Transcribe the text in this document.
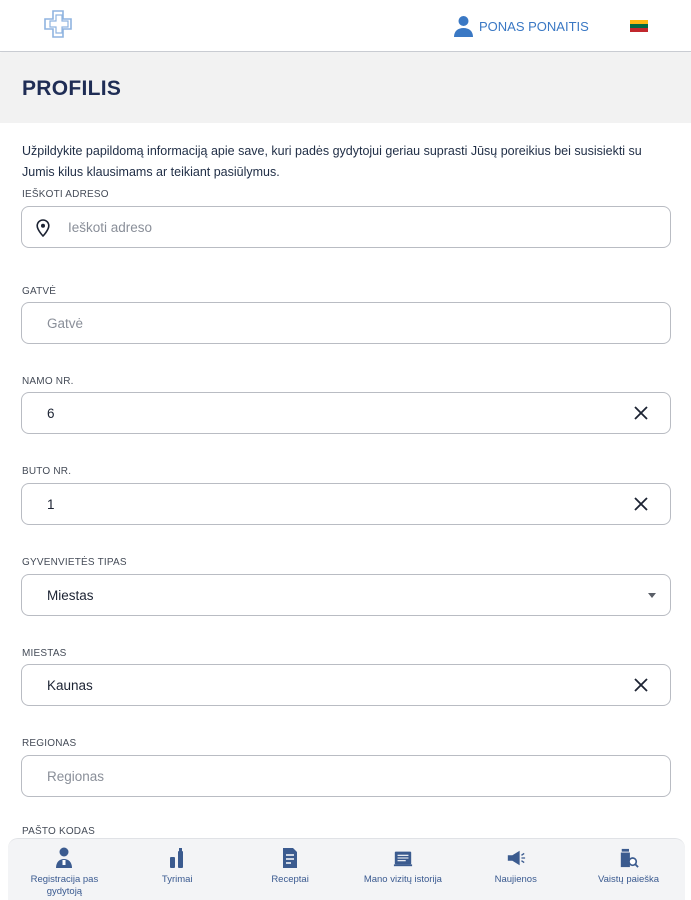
PONAS PONAITIS
PROFILIS
Užpildykite papildomą informaciją apie save, kuri padės gydytojui geriau suprasti Jūsų poreikius bei susisiekti su Jumis kilus klausimams ar teikiant pasiūlymus.
IEŠKOTI ADRESO
Ieškoti adreso
GATVĖ
Gatvė
NAMO NR.
6
BUTO NR.
1
GYVENVIETĖS TIPAS
Miestas
MIESTAS
Kaunas
REGIONAS
Regionas
PAŠTO KODAS
Registracija pas gydytoją
Tyrimai	Receptai	Mano vizitų istorija	Naujienos	Vaistų paieška
